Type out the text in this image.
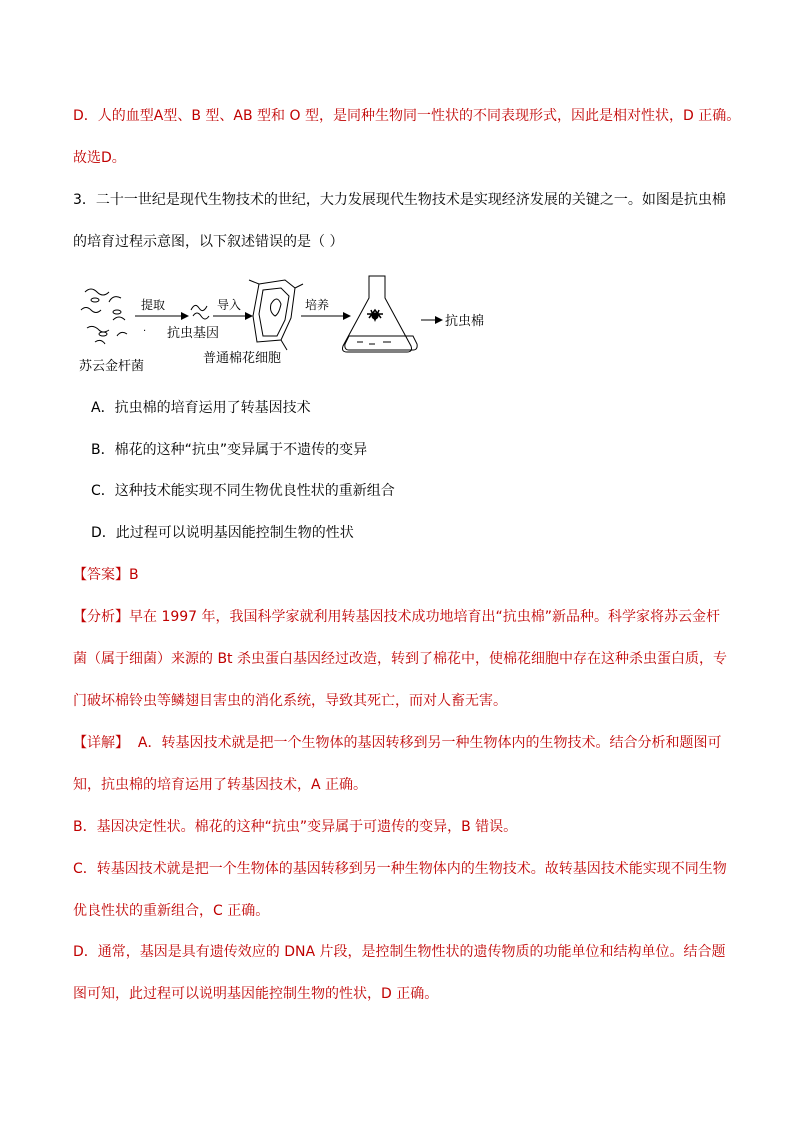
D．人的血型A型、B 型、AB 型和 O 型，是同种生物同一性状的不同表现形式，因此是相对性状，D 正确。
故选D。
3．二十一世纪是现代生物技术的世纪，大力发展现代生物技术是实现经济发展的关键之一。如图是抗虫棉
的培育过程示意图，以下叙述错误的是（ ）
苏云金杆菌
提取
· 抗虫基因
导入
普通棉花细胞
培养
抗虫棉
A．抗虫棉的培育运用了转基因技术
B．棉花的这种“抗虫”变异属于不遗传的变异
C．这种技术能实现不同生物优良性状的重新组合
D．此过程可以说明基因能控制生物的性状
【答案】B
【分析】早在 1997 年，我国科学家就利用转基因技术成功地培育出“抗虫棉”新品种。科学家将苏云金杆
菌（属于细菌）来源的 Bt 杀虫蛋白基因经过改造，转到了棉花中，使棉花细胞中存在这种杀虫蛋白质，专
门破坏棉铃虫等鳞翅目害虫的消化系统，导致其死亡，而对人畜无害。
【详解】  A．转基因技术就是把一个生物体的基因转移到另一种生物体内的生物技术。结合分析和题图可
知，抗虫棉的培育运用了转基因技术，A 正确。
B．基因决定性状。棉花的这种“抗虫”变异属于可遗传的变异，B 错误。
C．转基因技术就是把一个生物体的基因转移到另一种生物体内的生物技术。故转基因技术能实现不同生物
优良性状的重新组合，C 正确。
D．通常，基因是具有遗传效应的 DNA 片段，是控制生物性状的遗传物质的功能单位和结构单位。结合题
图可知，此过程可以说明基因能控制生物的性状，D 正确。
